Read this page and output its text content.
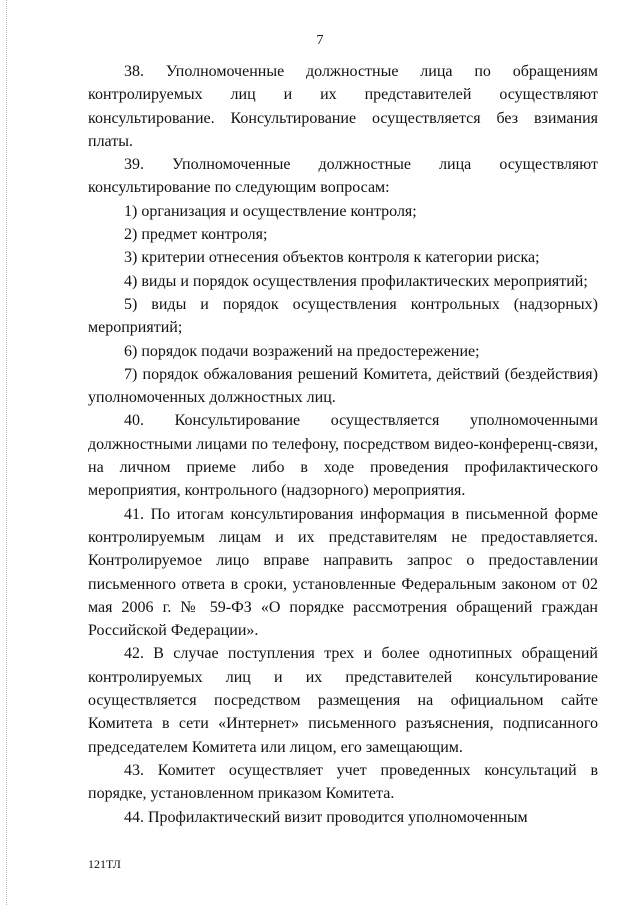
7

38. Уполномоченные должностные лица по обращениям контролируемых лиц и их представителей осуществляют консультирование. Консультирование осуществляется без взимания платы.

39. Уполномоченные должностные лица осуществляют консультирование по следующим вопросам:

1) организация и осуществление контроля;

2) предмет контроля;

3) критерии отнесения объектов контроля к категории риска;

4) виды и порядок осуществления профилактических мероприятий;

5) виды и порядок осуществления контрольных (надзорных) мероприятий;

6) порядок подачи возражений на предостережение;

7) порядок обжалования решений Комитета, действий (бездействия) уполномоченных должностных лиц.

40. Консультирование осуществляется уполномоченными должностными лицами по телефону, посредством видео-конференц-связи, на личном приеме либо в ходе проведения профилактического мероприятия, контрольного (надзорного) мероприятия.

41. По итогам консультирования информация в письменной форме контролируемым лицам и их представителям не предоставляется. Контролируемое лицо вправе направить запрос о предоставлении письменного ответа в сроки, установленные Федеральным законом от 02 мая 2006 г. № 59-ФЗ «О порядке рассмотрения обращений граждан Российской Федерации».

42. В случае поступления трех и более однотипных обращений контролируемых лиц и их представителей консультирование осуществляется посредством размещения на официальном сайте Комитета в сети «Интернет» письменного разъяснения, подписанного председателем Комитета или лицом, его замещающим.

43. Комитет осуществляет учет проведенных консультаций в порядке, установленном приказом Комитета.

44. Профилактический визит проводится уполномоченным

121ТЛ
